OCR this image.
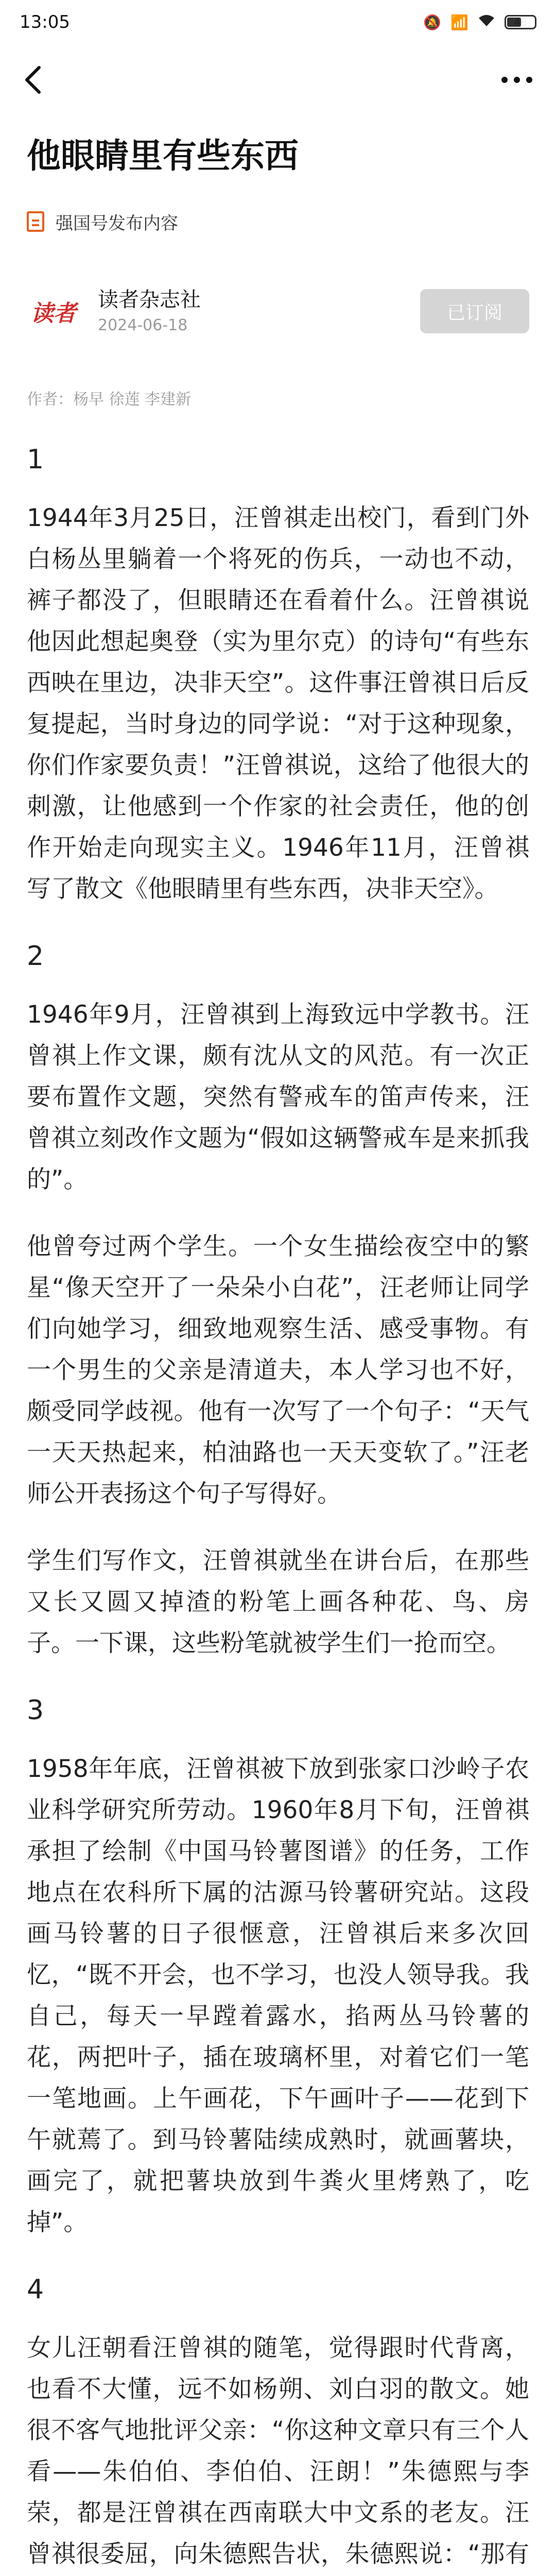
13:05	🔕 📶	46
他眼睛里有些东西
强国号发布内容
读者
读者杂志社
2024-06-18
已订阅
作者：杨早 徐莲 李建新

1

1944年3月25日，汪曾祺走出校门，看到门外白杨丛里躺着一个将死的伤兵，一动也不动，裤子都没了，但眼睛还在看着什么。汪曾祺说他因此想起奥登（实为里尔克）的诗句“有些东西映在里边，决非天空”。这件事汪曾祺日后反复提起，当时身边的同学说：“对于这种现象，你们作家要负责！”汪曾祺说，这给了他很大的刺激，让他感到一个作家的社会责任，他的创作开始走向现实主义。1946年11月，汪曾祺写了散文《他眼睛里有些东西，决非天空》。

2

1946年9月，汪曾祺到上海致远中学教书。汪曾祺上作文课，颇有沈从文的风范。有一次正要布置作文题，突然有警戒车的笛声传来，汪曾祺立刻改作文题为“假如这辆警戒车是来抓我的”。

他曾夸过两个学生。一个女生描绘夜空中的繁星“像天空开了一朵朵小白花”，汪老师让同学们向她学习，细致地观察生活、感受事物。有一个男生的父亲是清道夫，本人学习也不好，颇受同学歧视。他有一次写了一个句子：“天气一天天热起来，柏油路也一天天变软了。”汪老师公开表扬这个句子写得好。

学生们写作文，汪曾祺就坐在讲台后，在那些又长又圆又掉渣的粉笔上画各种花、鸟、房子。一下课，这些粉笔就被学生们一抢而空。

3

1958年年底，汪曾祺被下放到张家口沙岭子农业科学研究所劳动。1960年8月下旬，汪曾祺承担了绘制《中国马铃薯图谱》的任务，工作地点在农科所下属的沽源马铃薯研究站。这段画马铃薯的日子很惬意，汪曾祺后来多次回忆，“既不开会，也不学习，也没人领导我。我自己，每天一早蹚着露水，掐两丛马铃薯的花，两把叶子，插在玻璃杯里，对着它们一笔一笔地画。上午画花，下午画叶子——花到下午就蔫了。到马铃薯陆续成熟时，就画薯块，画完了，就把薯块放到牛粪火里烤熟了，吃掉”。

4

女儿汪朝看汪曾祺的随笔，觉得跟时代背离，也看不大懂，远不如杨朔、刘白羽的散文。她很不客气地批评父亲：“你这种文章只有三个人看——朱伯伯、李伯伯、汪朗！”朱德熙与李荣，都是汪曾祺在西南联大中文系的老友。汪曾祺很委屈，向朱德熙告状，朱德熙说：“那有
